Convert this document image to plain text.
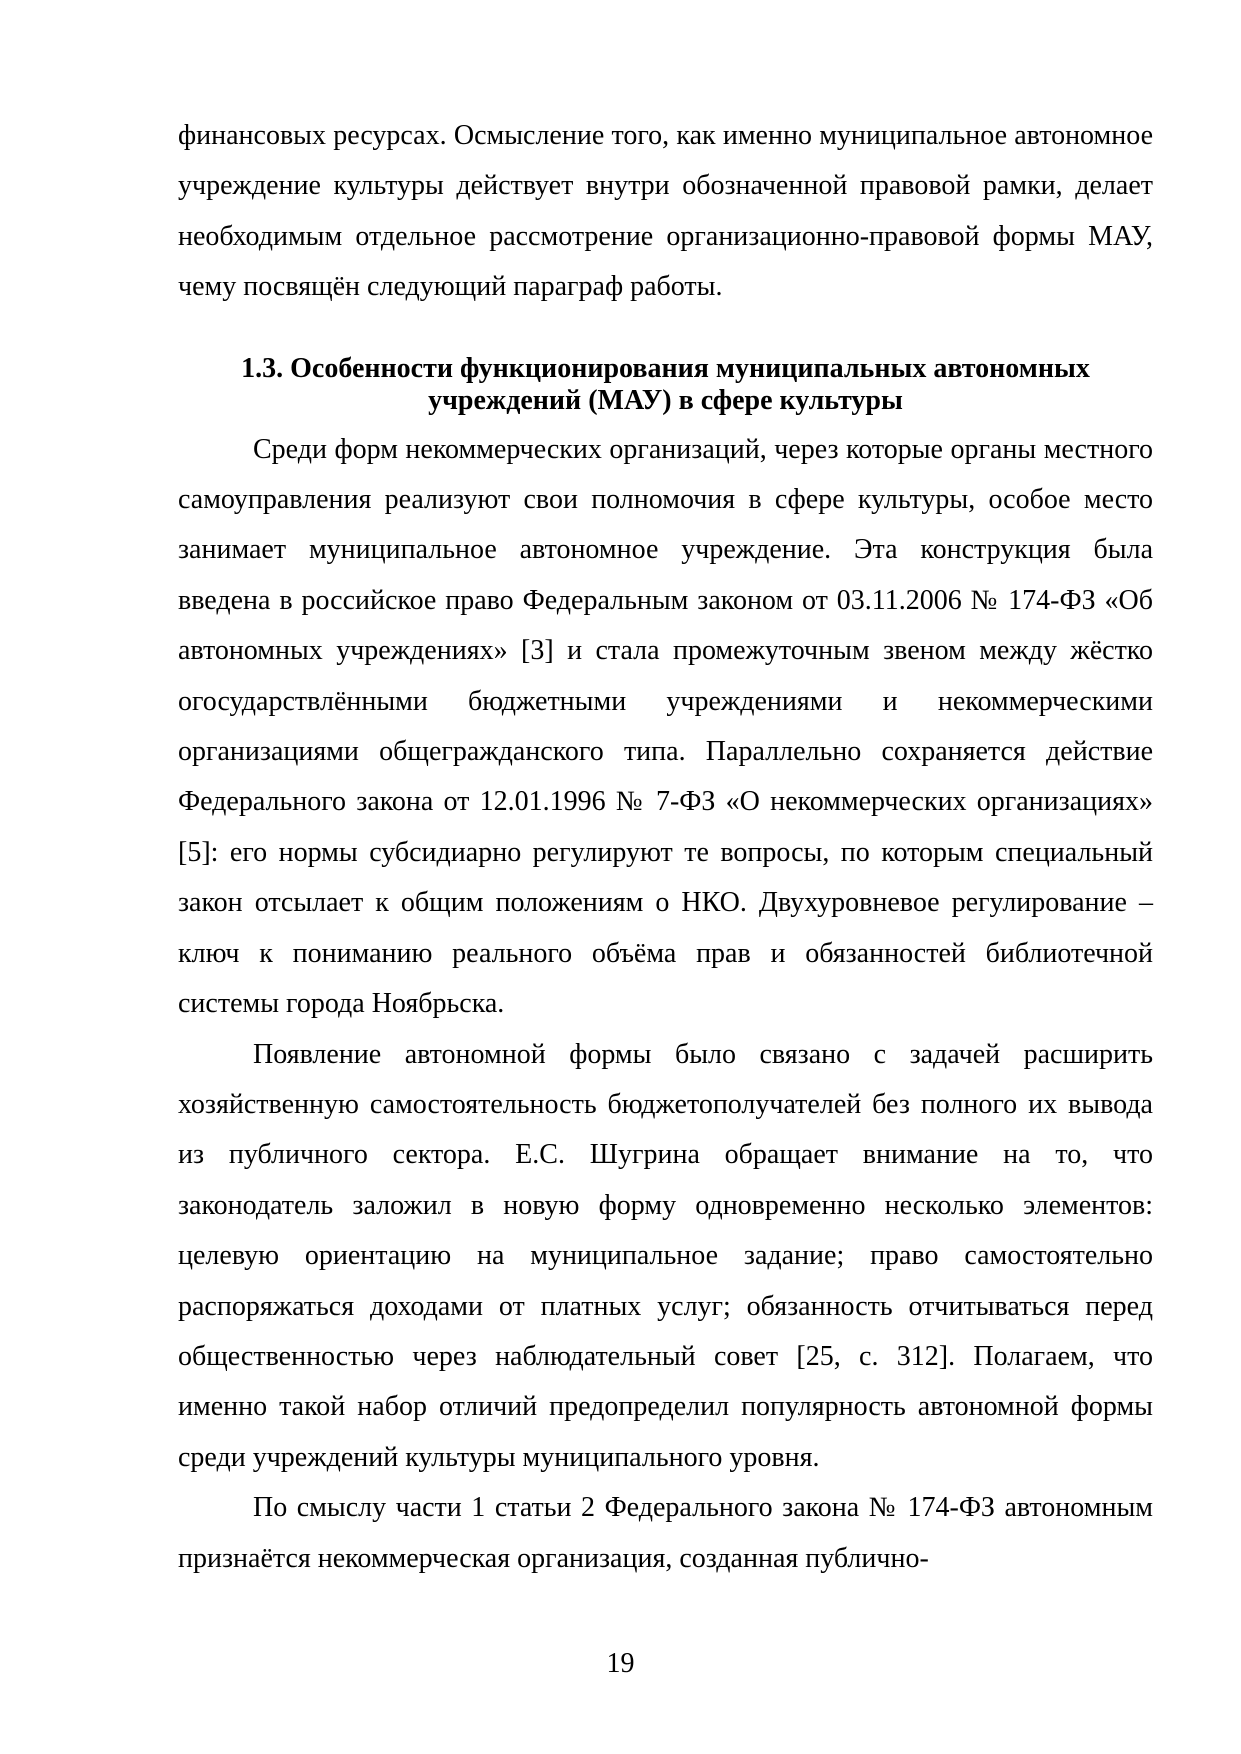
финансовых ресурсах. Осмысление того, как именно муниципальное автономное учреждение культуры действует внутри обозначенной правовой рамки, делает необходимым отдельное рассмотрение организационно-правовой формы МАУ, чему посвящён следующий параграф работы.

1.3. Особенности функционирования муниципальных автономных
учреждений (МАУ) в сфере культуры

Среди форм некоммерческих организаций, через которые органы местного самоуправления реализуют свои полномочия в сфере культуры, особое место занимает муниципальное автономное учреждение. Эта конструкция была введена в российское право Федеральным законом от 03.11.2006 № 174-ФЗ «Об автономных учреждениях» [3] и стала промежуточным звеном между жёстко огосударствлёнными бюджетными учреждениями и некоммерческими организациями общегражданского типа. Параллельно сохраняется действие Федерального закона от 12.01.1996 № 7-ФЗ «О некоммерческих организациях» [5]: его нормы субсидиарно регулируют те вопросы, по которым специальный закон отсылает к общим положениям о НКО. Двухуровневое регулирование – ключ к пониманию реального объёма прав и обязанностей библиотечной системы города Ноябрьска.

Появление автономной формы было связано с задачей расширить хозяйственную самостоятельность бюджетополучателей без полного их вывода из публичного сектора. Е.С. Шугрина обращает внимание на то, что законодатель заложил в новую форму одновременно несколько элементов: целевую ориентацию на муниципальное задание; право самостоятельно распоряжаться доходами от платных услуг; обязанность отчитываться перед общественностью через наблюдательный совет [25, с. 312]. Полагаем, что именно такой набор отличий предопределил популярность автономной формы среди учреждений культуры муниципального уровня.

По смыслу части 1 статьи 2 Федерального закона № 174-ФЗ автономным признаётся некоммерческая организация, созданная публично-

19
